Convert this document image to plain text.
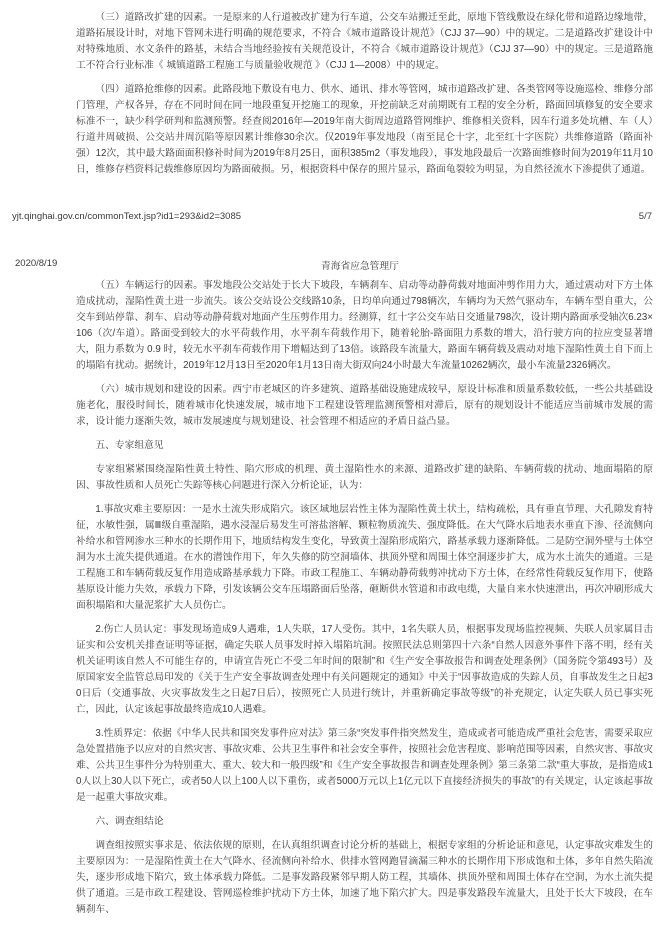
（三）道路改扩建的因素。一是原来的人行道被改扩建为行车道，公交车站搬迁至此，原地下管线敷设在绿化带和道路边缘地带，道路拓展设计时，对地下管网未进行明确的规范要求，不符合《城市道路设计规范》（CJJ 37—90）中的规定。二是道路改扩建设计中对特殊地质、水文条件的路基，未结合当地经验按有关规范设计，不符合《城市道路设计规范》（CJJ 37—90）中的规定。三是道路施工不符合行业标准《 城镇道路工程施工与质量验收规范 》（CJJ 1—2008）中的规定。

（四）道路抢维修的因素。此路段地下敷设有电力、供水、通讯、排水等管网，城市道路改扩建、各类管网等设施巡检、维修分部门管理，产权各异，存在不同时间在同一地段重复开挖施工的现象，开挖前缺乏对前期既有工程的安全分析，路面回填修复的安全要求标准不一，缺少科学研判和监测预警。经查阅2016年—2019年南大街周边道路管网维护、维修相关资料，因车行道多处坑槽、车（人）行道井周破损、公交站井周沉陷等原因累计维修30余次。仅2019年事发地段（南至昆仑十字，北至红十字医院）共维修道路（路面补强）12次，其中最大路面面积修补时间为2019年8月25日，面积385m2（事发地段），事发地段最后一次路面维修时间为2019年11月10日，维修存档资料记载维修原因均为路面破损。另，根据资料中保存的照片显示，路面龟裂较为明显，为自然径流水下渗提供了通道。

yjt.qinghai.gov.cn/commonText.jsp?id1=293&id2=3085	5/7
2020/8/19	青海省应急管理厅

（五）车辆运行的因素。事发地段公交站处于长大下坡段，车辆刹车、启动等动静荷载对地面冲剪作用力大，通过震动对下方土体造成扰动，湿陷性黄土进一步流失。该公交站设公交线路10条，日均单向通过798辆次，车辆均为天然气驱动车，车辆车型自重大，公交车到站停靠、刹车、启动等动静荷载对地面产生压剪作用力。经测算，红十字公交车站日交通量798次，设计期内路面承受轴次6.23×106（次/车道）。路面受到较大的水平荷载作用，水平刹车荷载作用下，随着轮胎-路面阻力系数的增大，沿行驶方向的拉应变显著增大，阻力系数为 0.9 时，较无水平刹车荷载作用下增幅达到了13倍。该路段车流量大，路面车辆荷载及震动对地下湿陷性黄土自下而上的塌陷有扰动。据统计，2019年12月13日至2020年1月13日南大街双向24小时最大车流量10262辆次，最小车流量2326辆次。

（六）城市规划和建设的因素。西宁市老城区的许多建筑、道路基础设施建成较早，原设计标准和质量系数较低，一些公共基础设施老化，服役时间长，随着城市化快速发展，城市地下工程建设管理监测预警相对滞后，原有的规划设计不能适应当前城市发展的需求，设计能力逐渐失效，城市发展速度与规划建设、社会管理不相适应的矛盾日益凸显。

五、专家组意见

专家组紧紧围绕湿陷性黄土特性、陷穴形成的机理、黄土湿陷性水的来源、道路改扩建的缺陷、车辆荷载的扰动、地面塌陷的原因、事故性质和人员死亡失踪等核心问题进行深入分析论证，认为：

1.事故灾难主要原因：一是水土流失形成陷穴。该区域地层岩性主体为湿陷性黄土状土，结构疏松，具有垂直节理、大孔隙发育特征，水敏性强，属Ⅲ级自重湿陷，遇水浸湿后易发生可溶盐溶解、颗粒物质流失、强度降低。在大气降水后地表水垂直下渗、径流侧向补给水和管网渗水三种水的长期作用下，地质结构发生变化，导致黄土湿陷形成陷穴，路基承载力逐渐降低。二是防空洞外壁与土体空洞为水土流失提供通道。在水的潜蚀作用下，年久失修的防空洞墙体、拱顶外壁和周围土体空洞逐步扩大，成为水土流失的通道。三是工程施工和车辆荷载反复作用造成路基承载力下降。市政工程施工、车辆动静荷载剪冲扰动下方土体，在经常性荷载反复作用下，使路基原设计能力失效，承载力下降，引发该辆公交车压塌路面后坠落，砸断供水管道和市政电缆，大量自来水快速泄出，再次冲刷形成大面积塌陷和大量泥浆扩大人员伤亡。

2.伤亡人员认定：事发现场造成9人遇难，1人失联，17人受伤。其中，1名失联人员，根据事发现场监控视频、失联人员家属目击证实和公安机关排查证明等证据，确定失联人员事发时掉入塌陷坑洞。按照民法总则第四十六条“自然人因意外事件下落不明，经有关机关证明该自然人不可能生存的，申请宣告死亡不受二年时间的限制”和《生产安全事故报告和调查处理条例》（国务院令第493号）及原国家安全监管总局印发的《关于生产安全事故调查处理中有关问题规定的通知》中关于“因事故造成的失踪人员，自事故发生之日起30日后（交通事故、火灾事故发生之日起7日后），按照死亡人员进行统计，并重新确定事故等级”的补充规定，认定失联人员已事实死亡，因此，认定该起事故最终造成10人遇难。

3.性质界定：依据《中华人民共和国突发事件应对法》第三条“突发事件指突然发生，造成或者可能造成严重社会危害，需要采取应急处置措施予以应对的自然灾害、事故灾难、公共卫生事件和社会安全事件，按照社会危害程度、影响范围等因素，自然灾害、事故灾难、公共卫生事件分为特别重大、重大、较大和一般四级”和《生产安全事故报告和调查处理条例》第三条第二款“重大事故，是指造成10人以上30人以下死亡，或者50人以上100人以下重伤，或者5000万元以上1亿元以下直接经济损失的事故”的有关规定，认定该起事故是一起重大事故灾难。

六、调查组结论

调查组按照实事求是、依法依规的原则，在认真组织调查讨论分析的基础上，根据专家组的分析论证和意见，认定事故灾难发生的主要原因为：一是湿陷性黄土在大气降水、径流侧向补给水、供排水管网跑冒滴漏三种水的长期作用下形成饱和土体，多年自然失陷流失，逐步形成地下陷穴，致土体承载力降低。二是事发路段紧邻早期人防工程，其墙体、拱顶外壁和周围土体存在空洞，为水土流失提供了通道。三是市政工程建设、管网巡检维护扰动下方土体，加速了地下陷穴扩大。四是事发路段车流量大，且处于长大下坡段，在车辆刹车、
